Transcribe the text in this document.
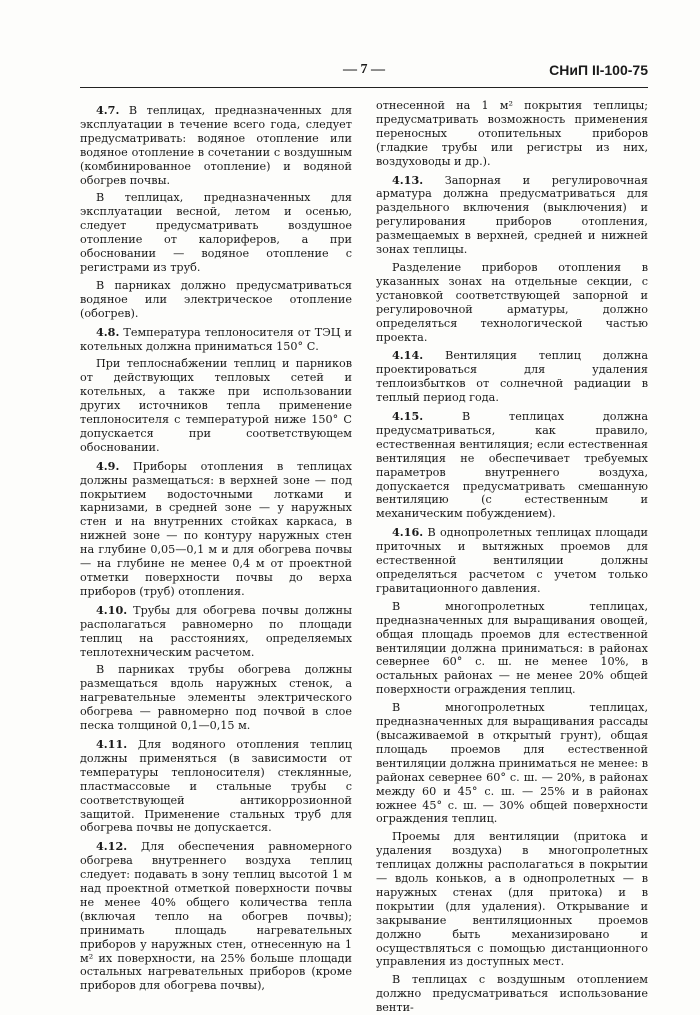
— 7 —	СНиП II-100-75

4.7. В теплицах, предназначенных для эксплуатации в течение всего года, следует предусматривать: водяное отопление или водяное отопление в сочетании с воздушным (комбинированное отопление) и водяной обогрев почвы.

В теплицах, предназначенных для эксплуатации весной, летом и осенью, следует предусматривать воздушное отопление от калориферов, а при обосновании — водяное отопление с регистрами из труб.

В парниках должно предусматриваться водяное или электрическое отопление (обогрев).

4.8. Температура теплоносителя от ТЭЦ и котельных должна приниматься 150° С.

При теплоснабжении теплиц и парников от действующих тепловых сетей и котельных, а также при использовании других источников тепла применение теплоносителя с температурой ниже 150° С допускается при соответствующем обосновании.

4.9. Приборы отопления в теплицах должны размещаться: в верхней зоне — под покрытием водосточными лотками и карнизами, в средней зоне — у наружных стен и на внутренних стойках каркаса, в нижней зоне — по контуру наружных стен на глубине 0,05—0,1 м и для обогрева почвы — на глубине не менее 0,4 м от проектной отметки поверхности почвы до верха приборов (труб) отопления.

4.10. Трубы для обогрева почвы должны располагаться равномерно по площади теплиц на расстояниях, определяемых теплотехническим расчетом.

В парниках трубы обогрева должны размещаться вдоль наружных стенок, а нагревательные элементы электрического обогрева — равномерно под почвой в слое песка толщиной 0,1—0,15 м.

4.11. Для водяного отопления теплиц должны применяться (в зависимости от температуры теплоносителя) стеклянные, пластмассовые и стальные трубы с соответствующей антикоррозионной защитой. Применение стальных труб для обогрева почвы не допускается.

4.12. Для обеспечения равномерного обогрева внутреннего воздуха теплиц следует: подавать в зону теплиц высотой 1 м над проектной отметкой поверхности почвы не менее 40% общего количества тепла (включая тепло на обогрев почвы); принимать площадь нагревательных приборов у наружных стен, отнесенную на 1 м² их поверхности, на 25% больше площади остальных нагревательных приборов (кроме приборов для обогрева почвы),

отнесенной на 1 м² покрытия теплицы; предусматривать возможность применения переносных отопительных приборов (гладкие трубы или регистры из них, воздуховоды и др.).

4.13. Запорная и регулировочная арматура должна предусматриваться для раздельного включения (выключения) и регулирования приборов отопления, размещаемых в верхней, средней и нижней зонах теплицы.

Разделение приборов отопления в указанных зонах на отдельные секции, с установкой соответствующей запорной и регулировочной арматуры, должно определяться технологической частью проекта.

4.14. Вентиляция теплиц должна проектироваться для удаления теплоизбытков от солнечной радиации в теплый период года.

4.15. В теплицах должна предусматриваться, как правило, естественная вентиляция; если естественная вентиляция не обеспечивает требуемых параметров внутреннего воздуха, допускается предусматривать смешанную вентиляцию (с естественным и механическим побуждением).

4.16. В однопролетных теплицах площади приточных и вытяжных проемов для естественной вентиляции должны определяться расчетом с учетом только гравитационного давления.

В многопролетных теплицах, предназначенных для выращивания овощей, общая площадь проемов для естественной вентиляции должна приниматься: в районах севернее 60° с. ш. не менее 10%, в остальных районах — не менее 20% общей поверхности ограждения теплиц.

В многопролетных теплицах, предназначенных для выращивания рассады (высаживаемой в открытый грунт), общая площадь проемов для естественной вентиляции должна приниматься не менее: в районах севернее 60° с. ш. — 20%, в районах между 60 и 45° с. ш. — 25% и в районах южнее 45° с. ш. — 30% общей поверхности ограждения теплиц.

Проемы для вентиляции (притока и удаления воздуха) в многопролетных теплицах должны располагаться в покрытии — вдоль коньков, а в однопролетных — в наружных стенах (для притока) и в покрытии (для удаления). Открывание и закрывание вентиляционных проемов должно быть механизировано и осуществляться с помощью дистанционного управления из доступных мест.

В теплицах с воздушным отоплением должно предусматриваться использование венти-
